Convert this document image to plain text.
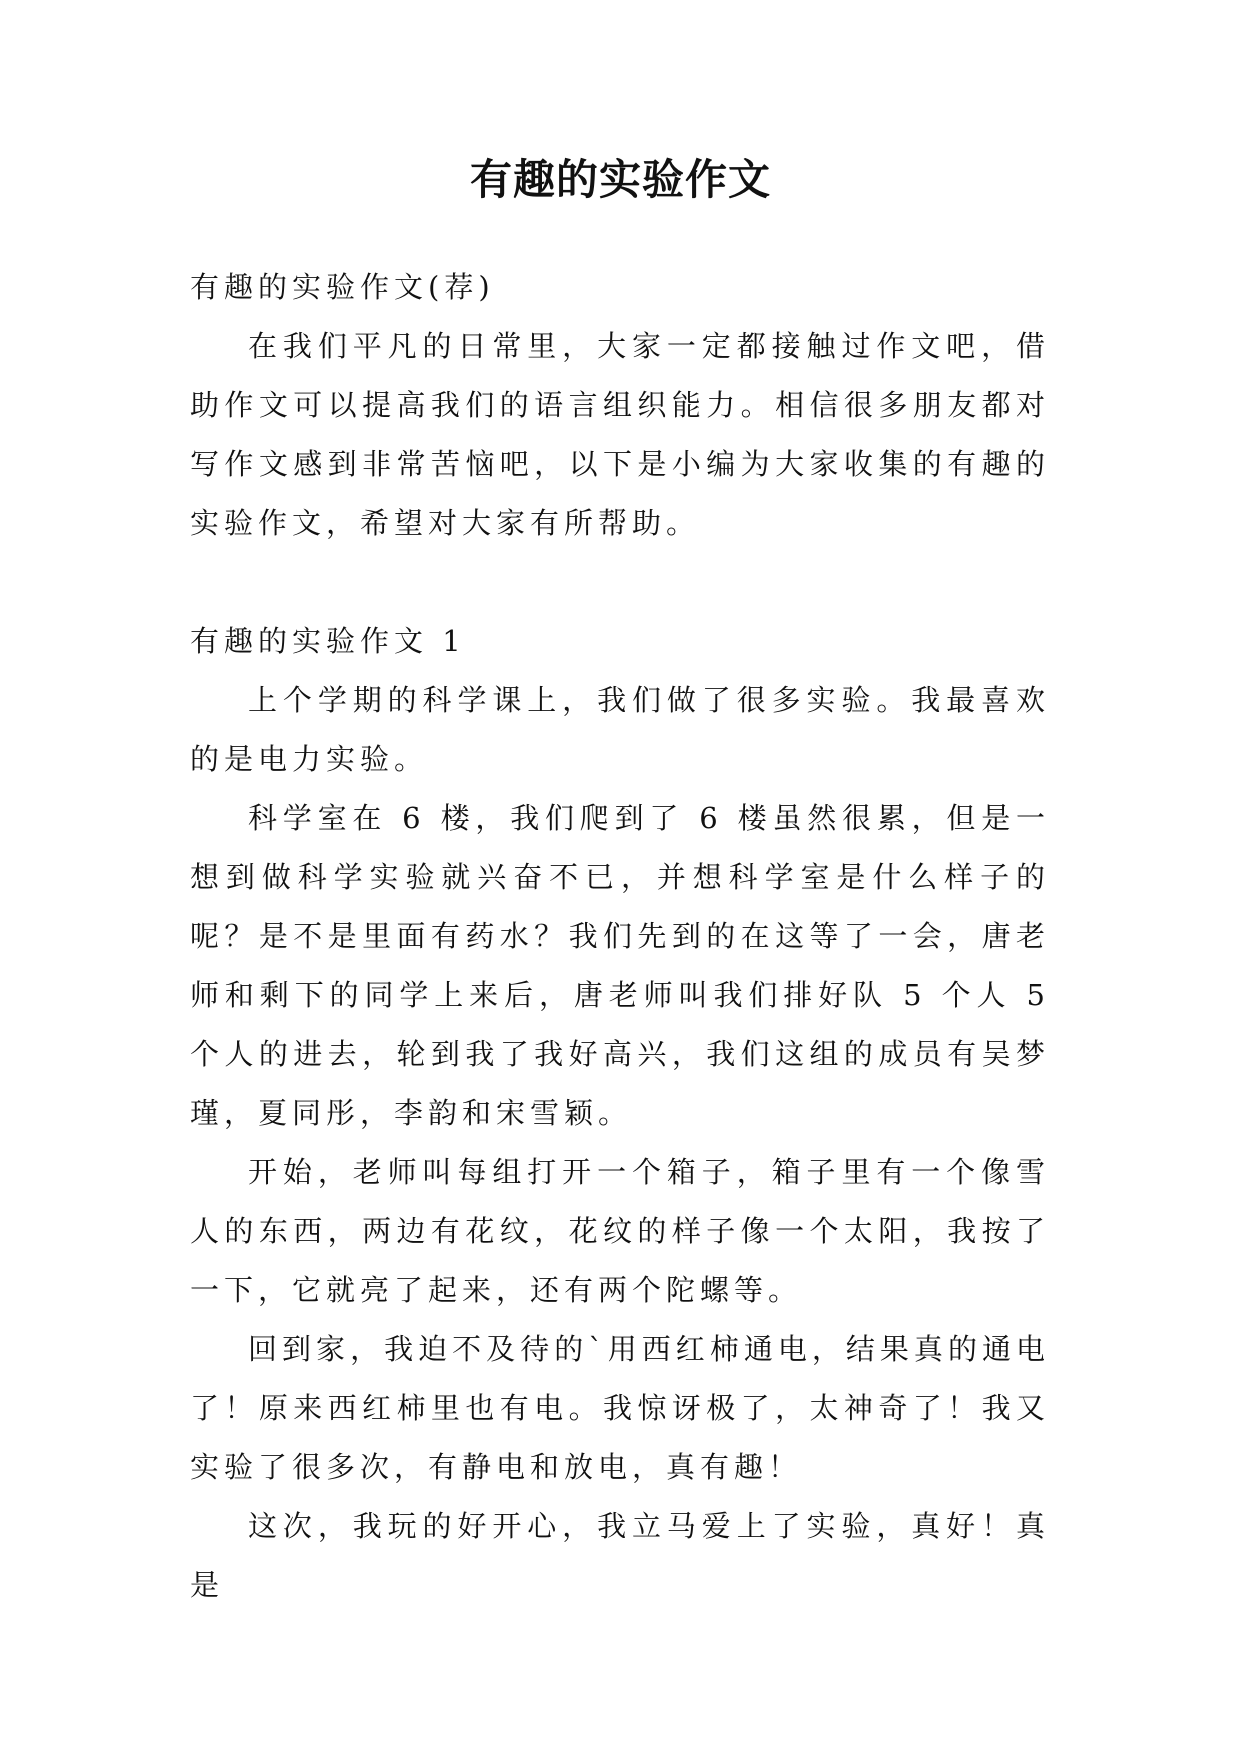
有趣的实验作文

有趣的实验作文(荐)

在我们平凡的日常里，大家一定都接触过作文吧，借助作文可以提高我们的语言组织能力。相信很多朋友都对写作文感到非常苦恼吧，以下是小编为大家收集的有趣的实验作文，希望对大家有所帮助。

有趣的实验作文 1

上个学期的科学课上，我们做了很多实验。我最喜欢的是电力实验。

科学室在 6 楼，我们爬到了 6 楼虽然很累，但是一想到做科学实验就兴奋不已，并想科学室是什么样子的呢？是不是里面有药水？我们先到的在这等了一会，唐老师和剩下的同学上来后，唐老师叫我们排好队 5 个人 5 个人的进去，轮到我了我好高兴，我们这组的成员有吴梦瑾，夏同彤，李韵和宋雪颖。

开始，老师叫每组打开一个箱子，箱子里有一个像雪人的东西，两边有花纹，花纹的样子像一个太阳，我按了一下，它就亮了起来，还有两个陀螺等。

回到家，我迫不及待的`用西红柿通电，结果真的通电了！原来西红柿里也有电。我惊讶极了，太神奇了！我又实验了很多次，有静电和放电，真有趣！

这次，我玩的好开心，我立马爱上了实验，真好！真是
